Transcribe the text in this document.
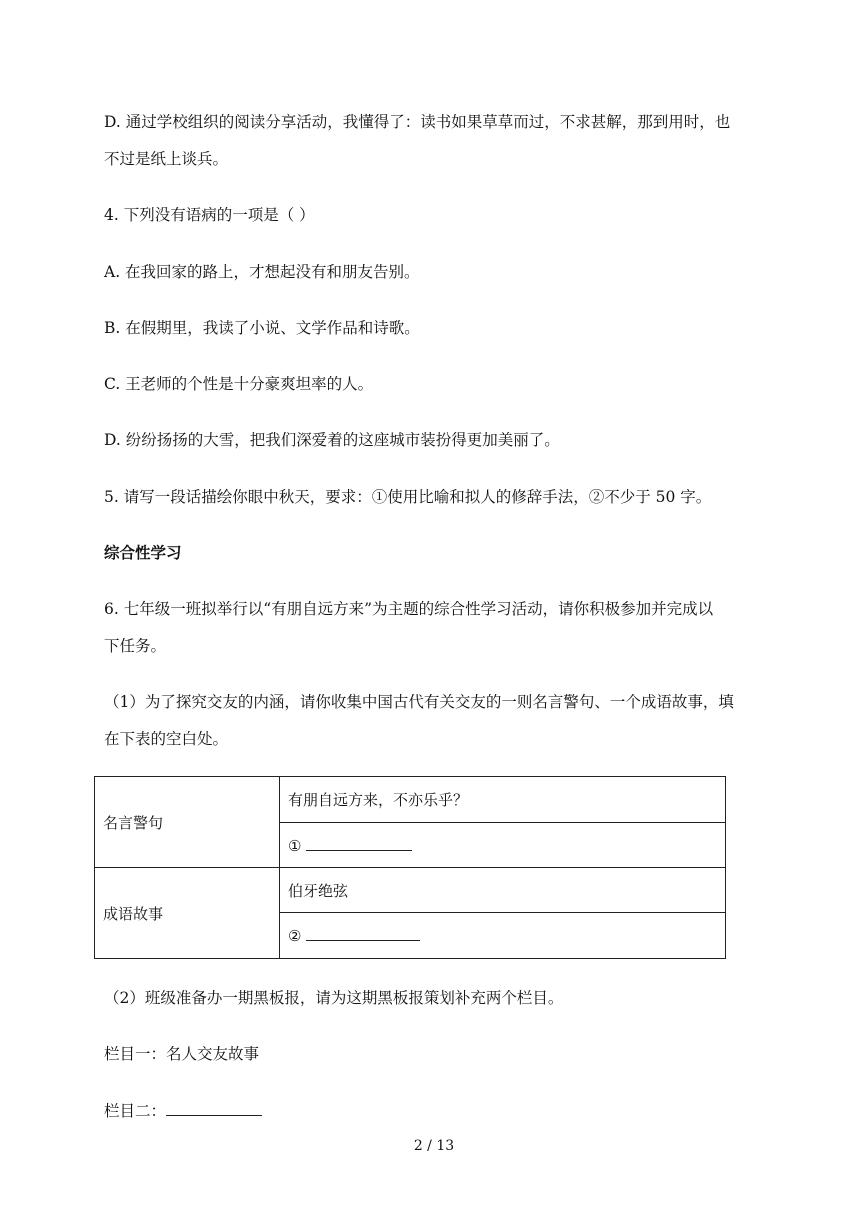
D. 通过学校组织的阅读分享活动，我懂得了：读书如果草草而过，不求甚解，那到用时，也
不过是纸上谈兵。
4. 下列没有语病的一项是（ ）
A. 在我回家的路上，才想起没有和朋友告别。
B. 在假期里，我读了小说、文学作品和诗歌。
C. 王老师的个性是十分豪爽坦率的人。
D. 纷纷扬扬的大雪，把我们深爱着的这座城市装扮得更加美丽了。
5. 请写一段话描绘你眼中秋天，要求：①使用比喻和拟人的修辞手法，②不少于 50 字。
综合性学习
6. 七年级一班拟举行以“有朋自远方来”为主题的综合性学习活动，请你积极参加并完成以
下任务。
（1）为了探究交友的内涵，请你收集中国古代有关交友的一则名言警句、一个成语故事，填
在下表的空白处。
名言警句	有朋自远方来，不亦乐乎？
	①
成语故事	伯牙绝弦
	②
（2）班级准备办一期黑板报，请为这期黑板报策划补充两个栏目。
栏目一：名人交友故事
栏目二：
2 / 13
